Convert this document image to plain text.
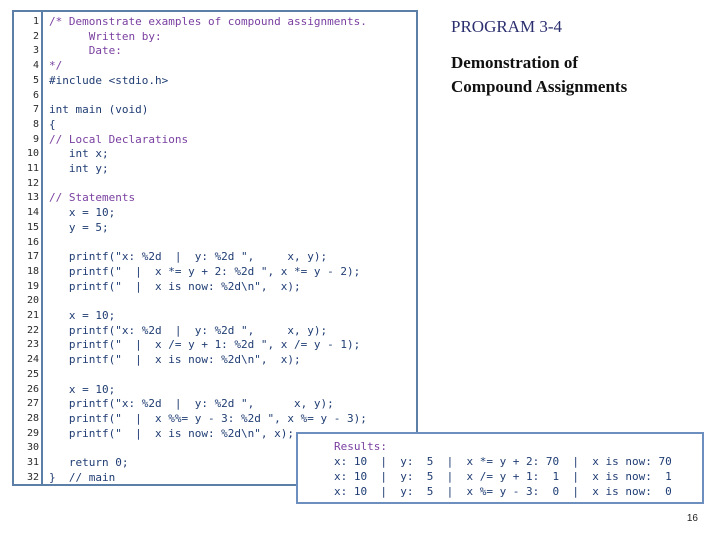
1 /* Demonstrate examples of compound assignments.
2 Written by:
3 Date:
4 */
5 #include <stdio.h>
6
7 int main (void)
8 {
9 // Local Declarations
10 int x;
11 int y;
12
13 // Statements
14 x = 10;
15 y = 5;
16
17 printf("x: %2d  |  y: %2d ",     x, y);
18 printf("  |  x *= y + 2: %2d ", x *= y - 2);
19 printf("  |  x is now: %2d\n",  x);
20
21 x = 10;
22 printf("x: %2d  |  y: %2d ",     x, y);
23 printf("  |  x /= y + 1: %2d ", x /= y - 1);
24 printf("  |  x is now: %2d\n",  x);
25
26 x = 10;
27 printf("x: %2d  |  y: %2d ",      x, y);
28 printf("  |  x %%= y - 3: %2d ", x %= y - 3);
29 printf("  |  x is now: %2d\n", x);
30
31 return 0;
32 }  // main
PROGRAM 3-4
Demonstration of
Compound Assignments
Results:
x: 10  |  y:  5  |  x *= y + 2: 70  |  x is now: 70
x: 10  |  y:  5  |  x /= y + 1:  1  |  x is now:  1
x: 10  |  y:  5  |  x %= y - 3:  0  |  x is now:  0
16
